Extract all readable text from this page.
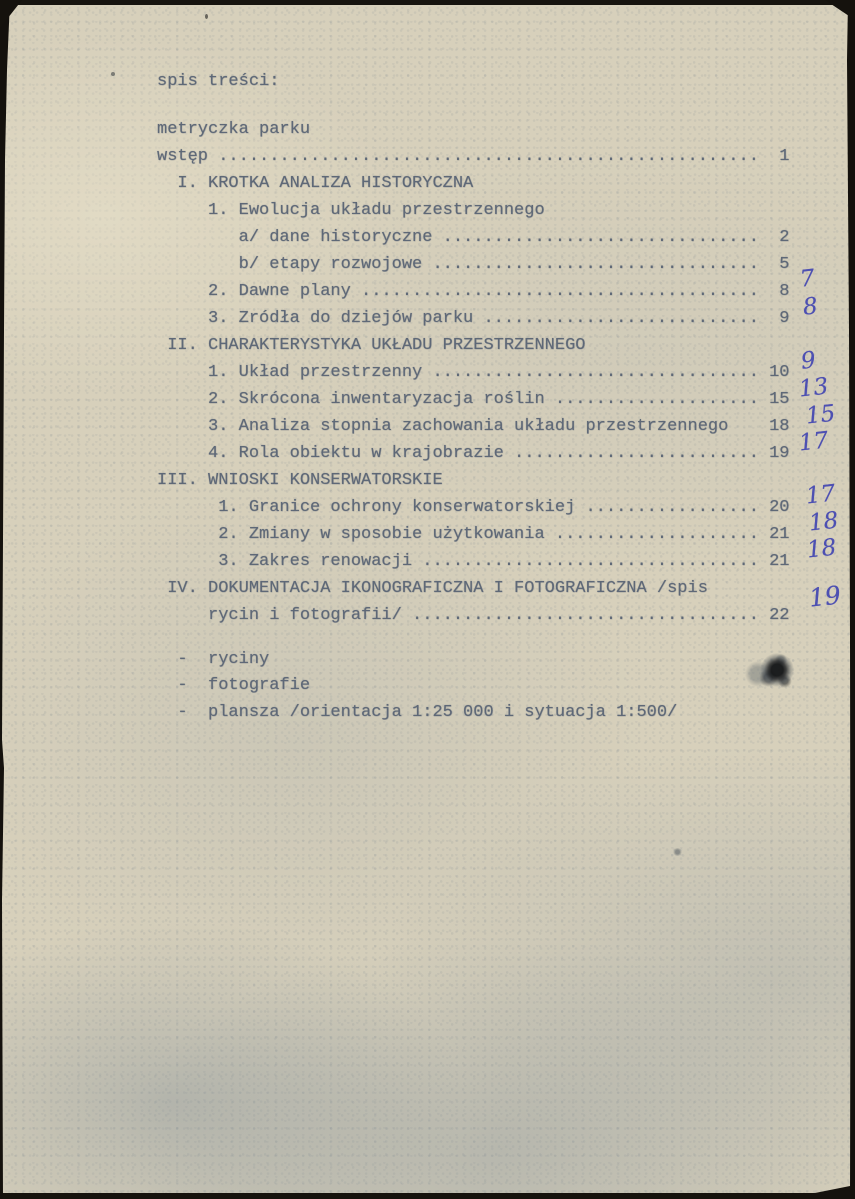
spis treści:
metryczka parku
wstęp .....................................................  1
I. KROTKA ANALIZA HISTORYCZNA
1. Ewolucja układu przestrzennego
a/ dane historyczne ...............................  2
b/ etapy rozwojowe ................................  5
2. Dawne plany .......................................  8
3. Zródła do dziejów parku ...........................  9
II. CHARAKTERYSTYKA UKŁADU PRZESTRZENNEGO
1. Układ przestrzenny ................................ 10
2. Skrócona inwentaryzacja roślin .................... 15
3. Analiza stopnia zachowania układu przestrzennego    18
4. Rola obiektu w krajobrazie ........................ 19
III. WNIOSKI KONSERWATORSKIE
1. Granice ochrony konserwatorskiej ................. 20
2. Zmiany w sposobie użytkowania .................... 21
3. Zakres renowacji ................................. 21
IV. DOKUMENTACJA IKONOGRAFICZNA I FOTOGRAFICZNA /spis
rycin i fotografii/ .................................. 22
-  ryciny
-  fotografie
-  plansza /orientacja 1:25 000 i sytuacja 1:500/
7
8
9
13
15
17
17
18
18
19
